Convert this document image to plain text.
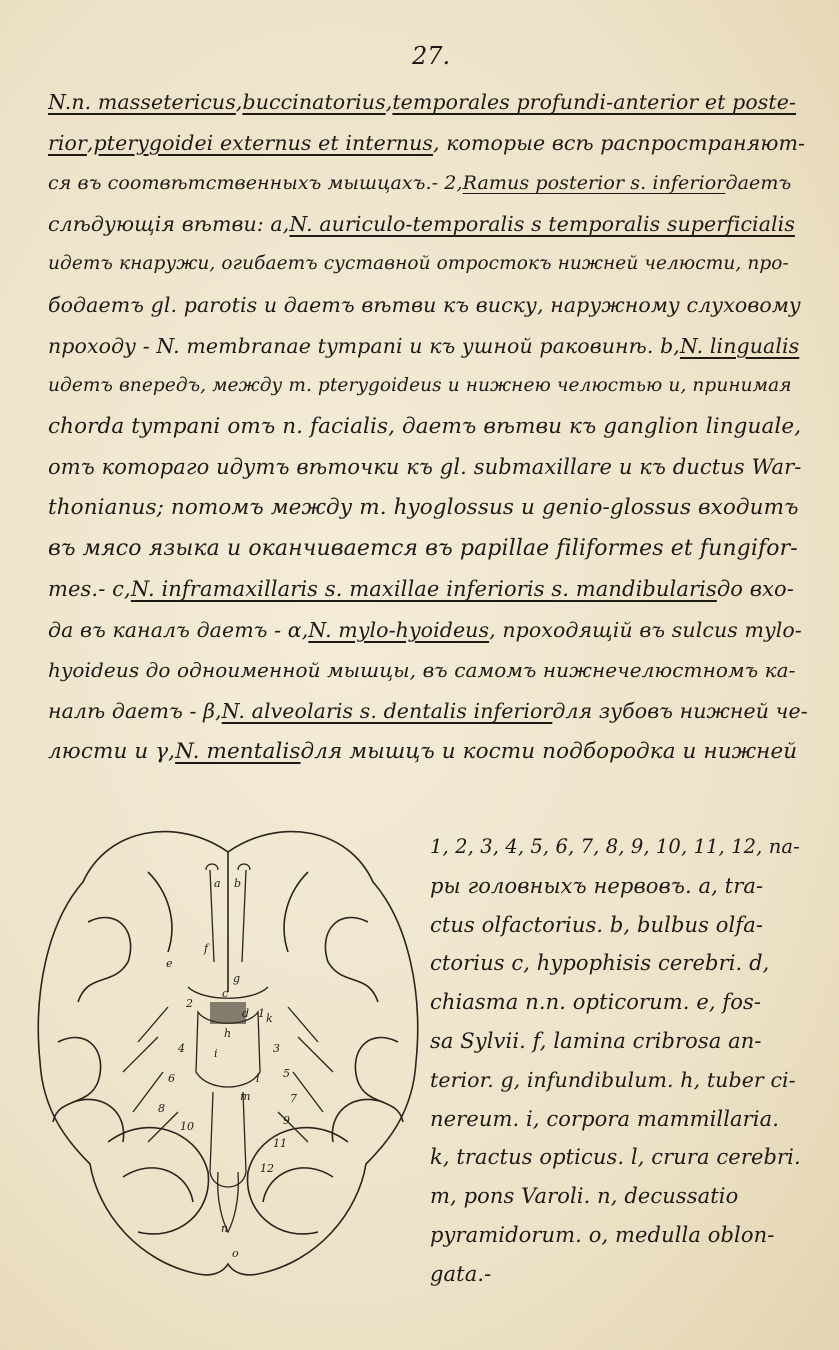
27.
N.n. massetericus,buccinatorius,temporales profundi-anterior et poste-
rior,pterygoidei externus et internus, которые всѣ распространяют-
ся въ соотвѣтственныхъ мышцахъ.- 2,Ramus posterior s. inferiorдаетъ
слѣдующія вѣтви: a,N. auriculo-temporalis s temporalis superficialis
идетъ кнаружи, огибаетъ суставной отростокъ нижней челюсти, про-
бодаетъ gl. parotis и даетъ вѣтви къ виску, наружному слуховому
проходу - N. membranae tympani и къ ушной раковинѣ. b,N. lingualis
идетъ впередъ, между m. pterygoideus и нижнею челюстью и, принимая
chorda tympani отъ n. facialis, даетъ вѣтви къ ganglion linguale,
отъ котораго идутъ вѣточки къ gl. submaxillare и къ ductus War-
thonianus; потомъ между m. hyoglossus и genio-glossus входитъ
въ мясо языка и оканчивается въ papillae filiformes et fungifor-
mes.- c,N. inframaxillaris s. maxillae inferioris s. mandibularisдо вхо-
да въ каналъ даетъ - α,N. mylo-hyoideus, проходящій въ sulcus mylo-
hyoideus до одноименной мышцы, въ самомъ нижнечелюстномъ ка-
налѣ даетъ - β,N. alveolaris s. dentalis inferiorдля зубовъ нижней че-
люсти и γ,N. mentalisдля мышцъ и кости подбородка и нижней
a b
c
d
e
f
g
h
i
k
l
m
n
o
1
2
3
4
5
6
7
8
9
10
11
12
1, 2, 3, 4, 5, 6, 7, 8, 9, 10, 11, 12, па-
ры головныхъ нервовъ. a, tra-
ctus olfactorius. b, bulbus olfa-
ctorius c, hypophisis cerebri. d,
chiasma n.n. opticorum. e, fos-
sa Sylvii. f, lamina cribrosa an-
terior. g, infundibulum. h, tuber ci-
nereum. i, corpora mammillaria.
k, tractus opticus. l, crura cerebri.
m, pons Varoli. n, decussatio
pyramidorum. o, medulla oblon-
gata.-
